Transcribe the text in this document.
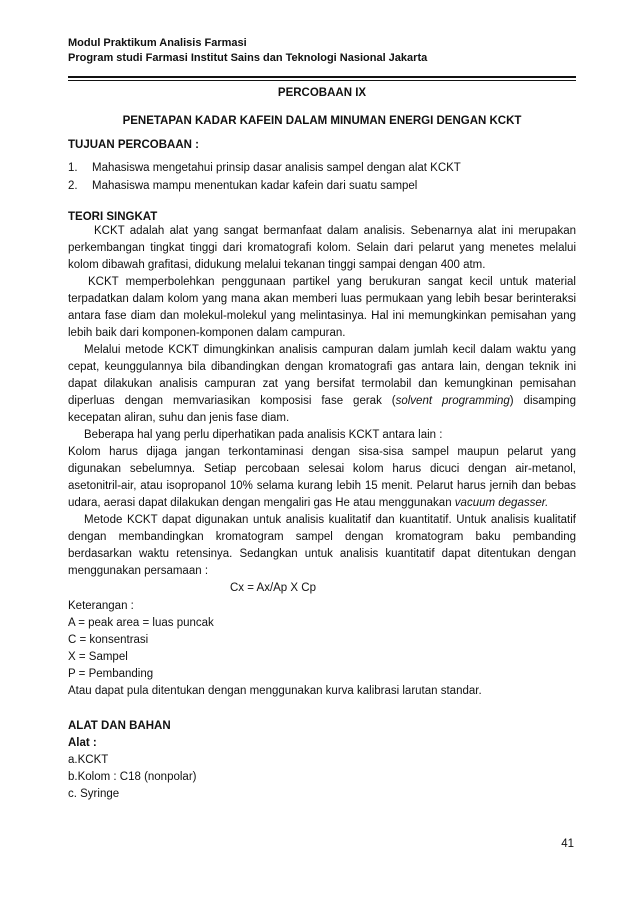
Modul Praktikum Analisis Farmasi
Program studi Farmasi Institut Sains dan Teknologi Nasional Jakarta
PERCOBAAN IX
PENETAPAN KADAR KAFEIN DALAM MINUMAN ENERGI DENGAN KCKT
TUJUAN PERCOBAAN :
1.	Mahasiswa mengetahui prinsip dasar analisis sampel dengan alat KCKT
2.	Mahasiswa mampu menentukan kadar kafein dari suatu sampel
TEORI SINGKAT

KCKT adalah alat yang sangat bermanfaat dalam analisis. Sebenarnya alat ini merupakan perkembangan tingkat tinggi dari kromatografi kolom. Selain dari pelarut yang menetes melalui kolom dibawah grafitasi, didukung melalui tekanan tinggi sampai dengan 400 atm.

KCKT memperbolehkan penggunaan partikel yang berukuran sangat kecil untuk material terpadatkan dalam kolom yang mana akan memberi luas permukaan yang lebih besar berinteraksi antara fase diam dan molekul-molekul yang melintasinya. Hal ini memungkinkan pemisahan yang lebih baik dari komponen-komponen dalam campuran.

Melalui metode KCKT dimungkinkan analisis campuran dalam jumlah kecil dalam waktu yang cepat, keunggulannya bila dibandingkan dengan kromatografi gas antara lain, dengan teknik ini dapat dilakukan analisis campuran zat yang bersifat termolabil dan kemungkinan pemisahan diperluas dengan memvariasikan komposisi fase gerak (solvent programming) disamping kecepatan aliran, suhu dan jenis fase diam.

Beberapa hal yang perlu diperhatikan pada analisis KCKT antara lain :

Kolom harus dijaga jangan terkontaminasi dengan sisa-sisa sampel maupun pelarut yang digunakan sebelumnya. Setiap percobaan selesai kolom harus dicuci dengan air-metanol, asetonitril-air, atau isopropanol 10% selama kurang lebih 15 menit. Pelarut harus jernih dan bebas udara, aerasi dapat dilakukan dengan mengaliri gas He atau menggunakan vacuum degasser.

Metode KCKT dapat digunakan untuk analisis kualitatif dan kuantitatif. Untuk analisis kualitatif dengan membandingkan kromatogram sampel dengan kromatogram baku pembanding berdasarkan waktu retensinya. Sedangkan untuk analisis kuantitatif dapat ditentukan dengan menggunakan persamaan :

Cx = Ax/Ap X Cp
Keterangan :
A = peak area = luas puncak
C = konsentrasi
X = Sampel
P = Pembanding
Atau dapat pula ditentukan dengan menggunakan kurva kalibrasi larutan standar.
ALAT DAN BAHAN
Alat :
a.KCKT
b.Kolom : C18 (nonpolar)
c. Syringe
41
